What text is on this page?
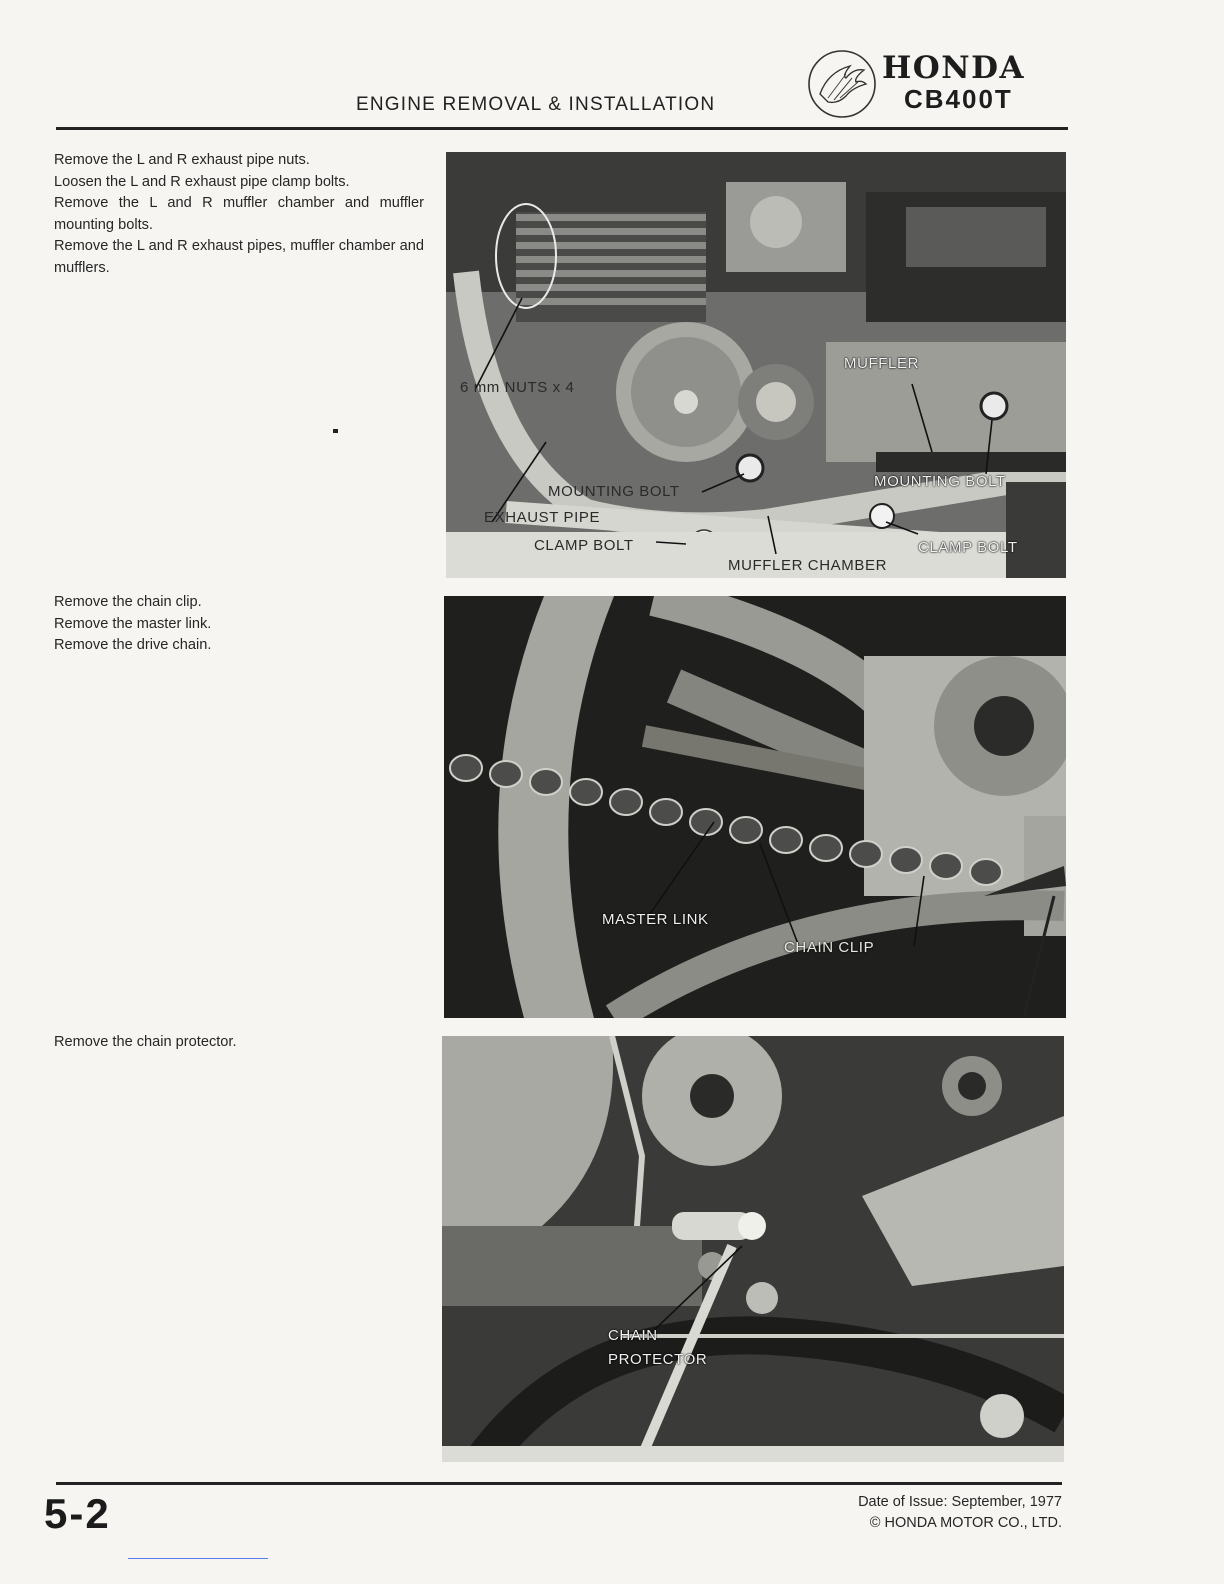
ENGINE REMOVAL & INSTALLATION
HONDA
CB400T
Remove the L and R exhaust pipe nuts.
Loosen the L and R exhaust pipe clamp bolts.
Remove the L and R muffler chamber and muffler mounting bolts.
Remove the L and R exhaust pipes, muffler chamber and mufflers.
6 mm NUTS x 4
MUFFLER
MOUNTING BOLT
MOUNTING BOLT
EXHAUST PIPE
CLAMP BOLT	CLAMP BOLT
MUFFLER CHAMBER
Remove the chain clip.
Remove the master link.
Remove the drive chain.
MASTER LINK
CHAIN CLIP
Remove the chain protector.
CHAIN
PROTECTOR
5-2	Date of Issue: September, 1977
© HONDA MOTOR CO., LTD.
